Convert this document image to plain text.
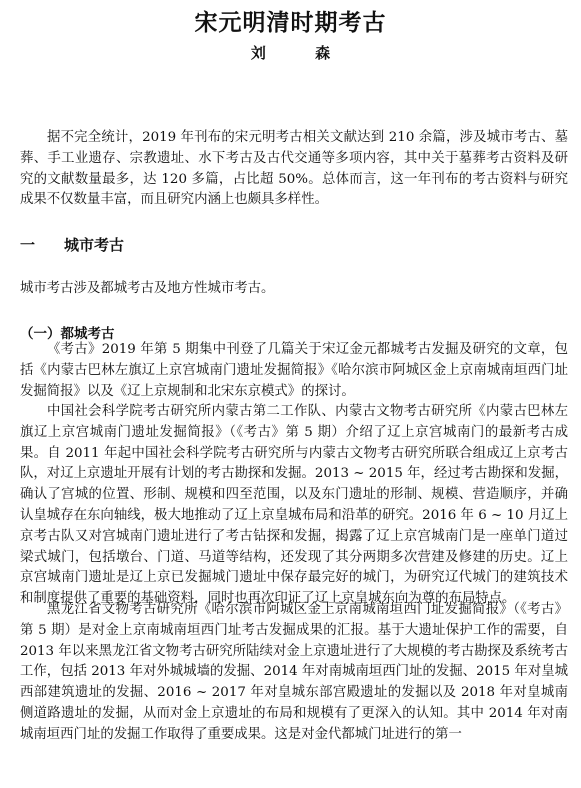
宋元明清时期考古
刘 森

据不完全统计，2019 年刊布的宋元明考古相关文献达到 210 余篇，涉及城市考古、墓葬、手工业遗存、宗教遗址、水下考古及古代交通等多项内容，其中关于墓葬考古资料及研究的文献数量最多，达 120 多篇，占比超 50%。总体而言，这一年刊布的考古资料与研究成果不仅数量丰富，而且研究内涵上也颇具多样性。

一 城市考古

城市考古涉及都城考古及地方性城市考古。

（一）都城考古

《考古》2019 年第 5 期集中刊登了几篇关于宋辽金元都城考古发掘及研究的文章，包括《内蒙古巴林左旗辽上京宫城南门遗址发掘简报》《哈尔滨市阿城区金上京南城南垣西门址发掘简报》以及《辽上京规制和北宋东京模式》的探讨。

中国社会科学院考古研究所内蒙古第二工作队、内蒙古文物考古研究所《内蒙古巴林左旗辽上京宫城南门遗址发掘简报》（《考古》第 5 期）介绍了辽上京宫城南门的最新考古成果。自 2011 年起中国社会科学院考古研究所与内蒙古文物考古研究所联合组成辽上京考古队，对辽上京遗址开展有计划的考古勘探和发掘。2013 ~ 2015 年，经过考古勘探和发掘，确认了宫城的位置、形制、规模和四至范围，以及东门遗址的形制、规模、营造顺序，并确认皇城存在东向轴线，极大地推动了辽上京皇城布局和沿革的研究。2016 年 6 ~ 10 月辽上京考古队又对宫城南门遗址进行了考古钻探和发掘，揭露了辽上京宫城南门是一座单门道过梁式城门，包括墩台、门道、马道等结构，还发现了其分两期多次营建及修建的历史。辽上京宫城南门遗址是辽上京已发掘城门遗址中保存最完好的城门，为研究辽代城门的建筑技术和制度提供了重要的基础资料，同时也再次印证了辽上京皇城东向为尊的布局特点。

黑龙江省文物考古研究所《哈尔滨市阿城区金上京南城南垣西门址发掘简报》（《考古》第 5 期）是对金上京南城南垣西门址考古发掘成果的汇报。基于大遗址保护工作的需要，自 2013 年以来黑龙江省文物考古研究所陆续对金上京遗址进行了大规模的考古勘探及系统考古工作，包括 2013 年对外城城墙的发掘、2014 年对南城南垣西门址的发掘、2015 年对皇城西部建筑遗址的发掘、2016 ~ 2017 年对皇城东部宫殿遗址的发掘以及 2018 年对皇城南侧道路遗址的发掘，从而对金上京遗址的布局和规模有了更深入的认知。其中 2014 年对南城南垣西门址的发掘工作取得了重要成果。这是对金代都城门址进行的第一
